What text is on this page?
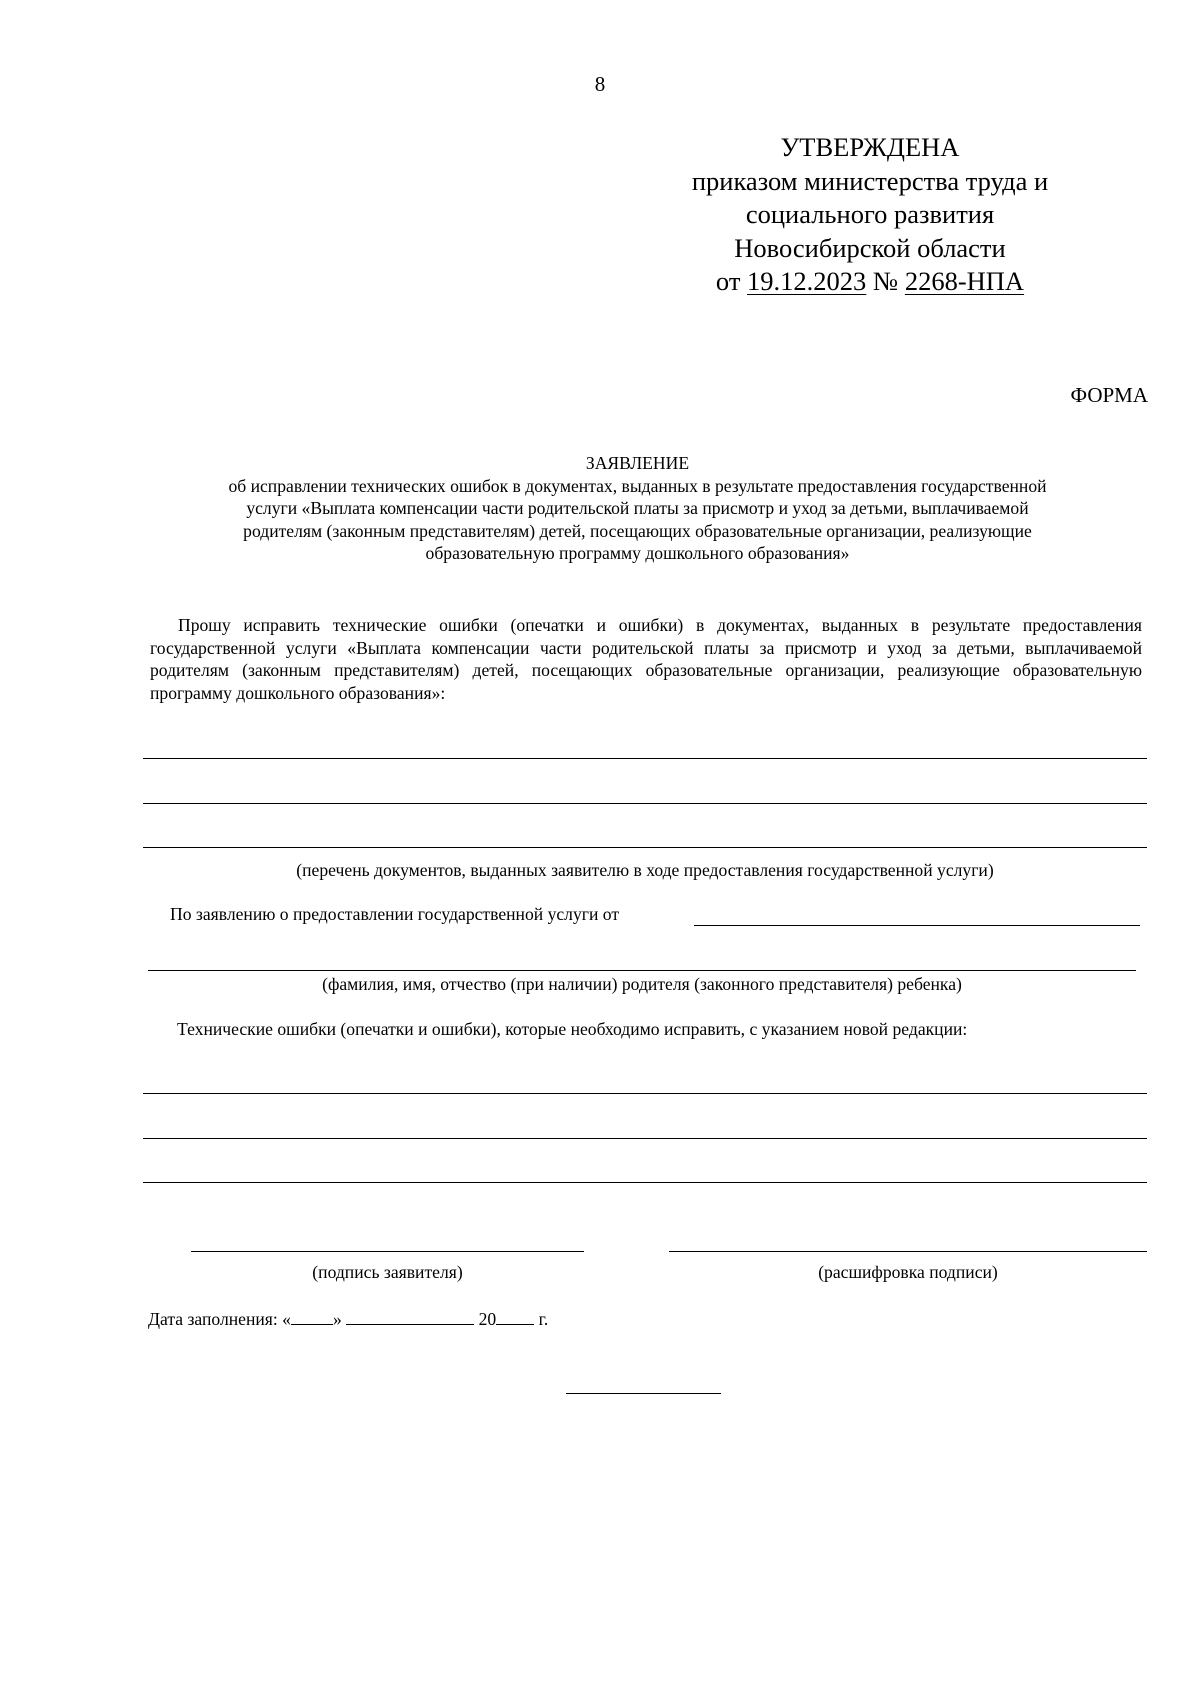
8
УТВЕРЖДЕНА
приказом министерства труда и
социального развития
Новосибирской области
от 19.12.2023 № 2268-НПА
ФОРМА
ЗАЯВЛЕНИЕ
об исправлении технических ошибок в документах, выданных в результате предоставления государственной
услуги «Выплата компенсации части родительской платы за присмотр и уход за детьми, выплачиваемой
родителям (законным представителям) детей, посещающих образовательные организации, реализующие
образовательную программу дошкольного образования»
Прошу исправить технические ошибки (опечатки и ошибки) в документах, выданных в результате предоставления государственной услуги «Выплата компенсации части родительской платы за присмотр и уход за детьми, выплачиваемой родителям (законным представителям) детей, посещающих образовательные организации, реализующие образовательную программу дошкольного образования»:
(перечень документов, выданных заявителю в ходе предоставления государственной услуги)
По заявлению о предоставлении государственной услуги от
(фамилия, имя, отчество (при наличии) родителя (законного представителя) ребенка)
Технические ошибки (опечатки и ошибки), которые необходимо исправить, с указанием новой редакции:
(подпись заявителя)	(расшифровка подписи)
Дата заполнения: « »	20 г.
